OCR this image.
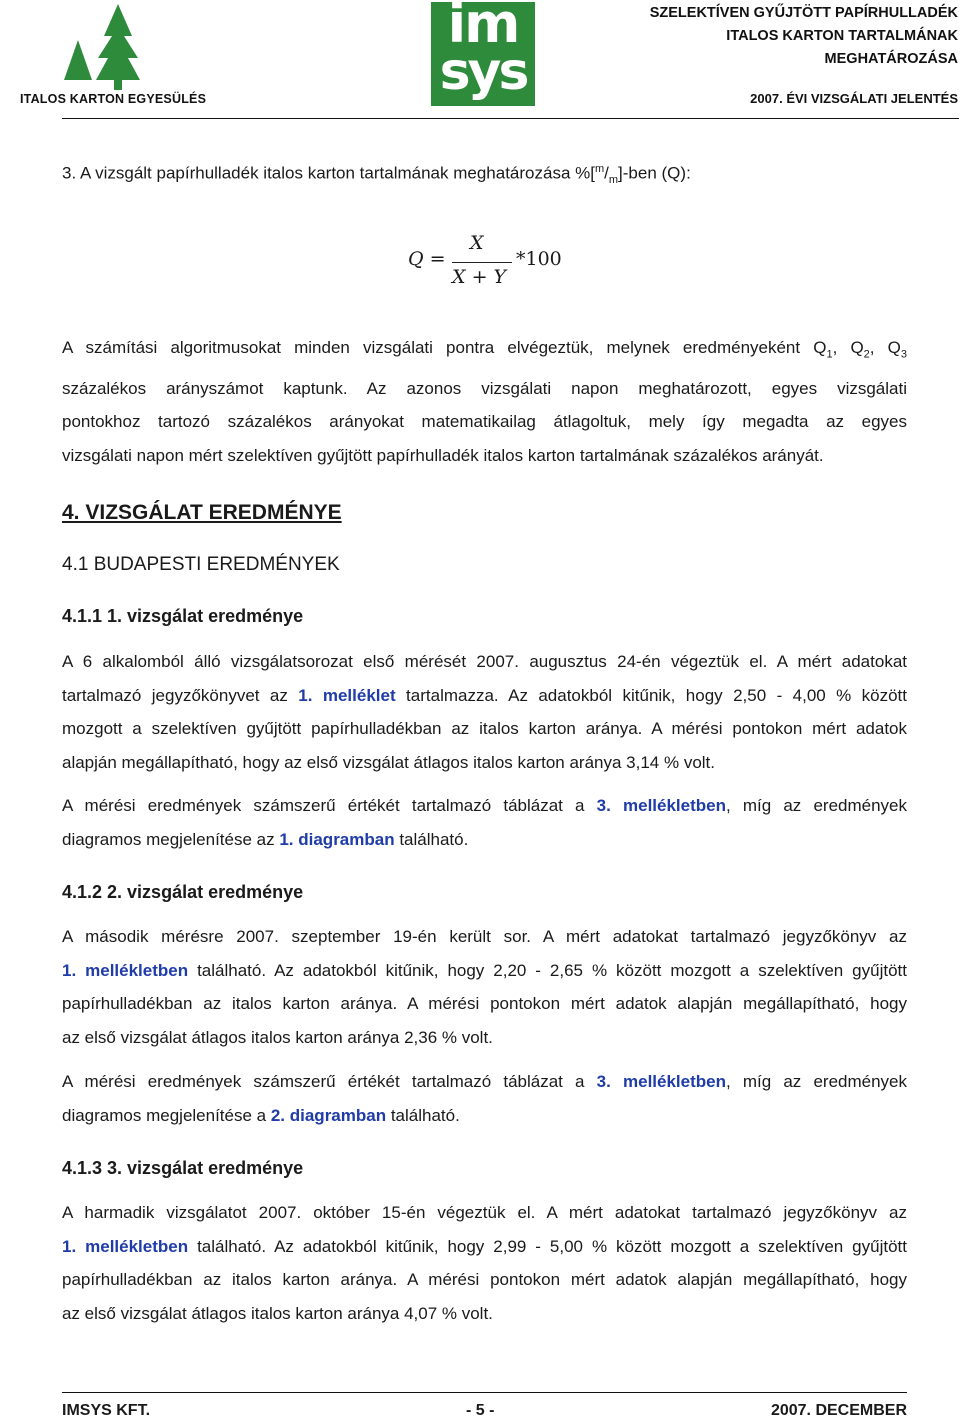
ITALOS KARTON EGYESÜLÉS
im
sys
SZELEKTÍVEN GYŰJTÖTT PAPÍRHULLADÉK
ITALOS KARTON TARTALMÁNAK
MEGHATÁROZÁSA
2007. ÉVI VIZSGÁLATI JELENTÉS
3. A vizsgált papírhulladék italos karton tartalmának meghatározása $\%[^m/_m]$-ben (Q):
Q =
X
X + Y
*100
A számítási algoritmusokat minden vizsgálati pontra elvégeztük, melynek eredményeként $Q_1$, $Q_2$, $Q_3$
százalékos arányszámot kaptunk. Az azonos vizsgálati napon meghatározott, egyes vizsgálati
pontokhoz tartozó százalékos arányokat matematikailag átlagoltuk, mely így megadta az egyes
vizsgálati napon mért szelektíven gyűjtött papírhulladék italos karton tartalmának százalékos arányát.
4. VIZSGÁLAT EREDMÉNYE
4.1 BUDAPESTI EREDMÉNYEK
4.1.1 1. vizsgálat eredménye
A 6 alkalomból álló vizsgálatsorozat első mérését 2007. augusztus 24-én végeztük el. A mért adatokat
tartalmazó jegyzőkönyvet az 1. melléklet tartalmazza. Az adatokból kitűnik, hogy 2,50 - 4,00 % között
mozgott a szelektíven gyűjtött papírhulladékban az italos karton aránya. A mérési pontokon mért adatok
alapján megállapítható, hogy az első vizsgálat átlagos italos karton aránya 3,14 % volt.
A mérési eredmények számszerű értékét tartalmazó táblázat a 3. mellékletben, míg az eredmények
diagramos megjelenítése az 1. diagramban található.
4.1.2 2. vizsgálat eredménye
A második mérésre 2007. szeptember 19-én került sor. A mért adatokat tartalmazó jegyzőkönyv az
1. mellékletben található. Az adatokból kitűnik, hogy 2,20 - 2,65 % között mozgott a szelektíven gyűjtött
papírhulladékban az italos karton aránya. A mérési pontokon mért adatok alapján megállapítható, hogy
az első vizsgálat átlagos italos karton aránya 2,36 % volt.
A mérési eredmények számszerű értékét tartalmazó táblázat a 3. mellékletben, míg az eredmények
diagramos megjelenítése a 2. diagramban található.
4.1.3 3. vizsgálat eredménye
A harmadik vizsgálatot 2007. október 15-én végeztük el. A mért adatokat tartalmazó jegyzőkönyv az
1. mellékletben található. Az adatokból kitűnik, hogy 2,99 - 5,00 % között mozgott a szelektíven gyűjtött
papírhulladékban az italos karton aránya. A mérési pontokon mért adatok alapján megállapítható, hogy
az első vizsgálat átlagos italos karton aránya 4,07 % volt.
IMSYS KFT.	- 5 -	2007. DECEMBER
